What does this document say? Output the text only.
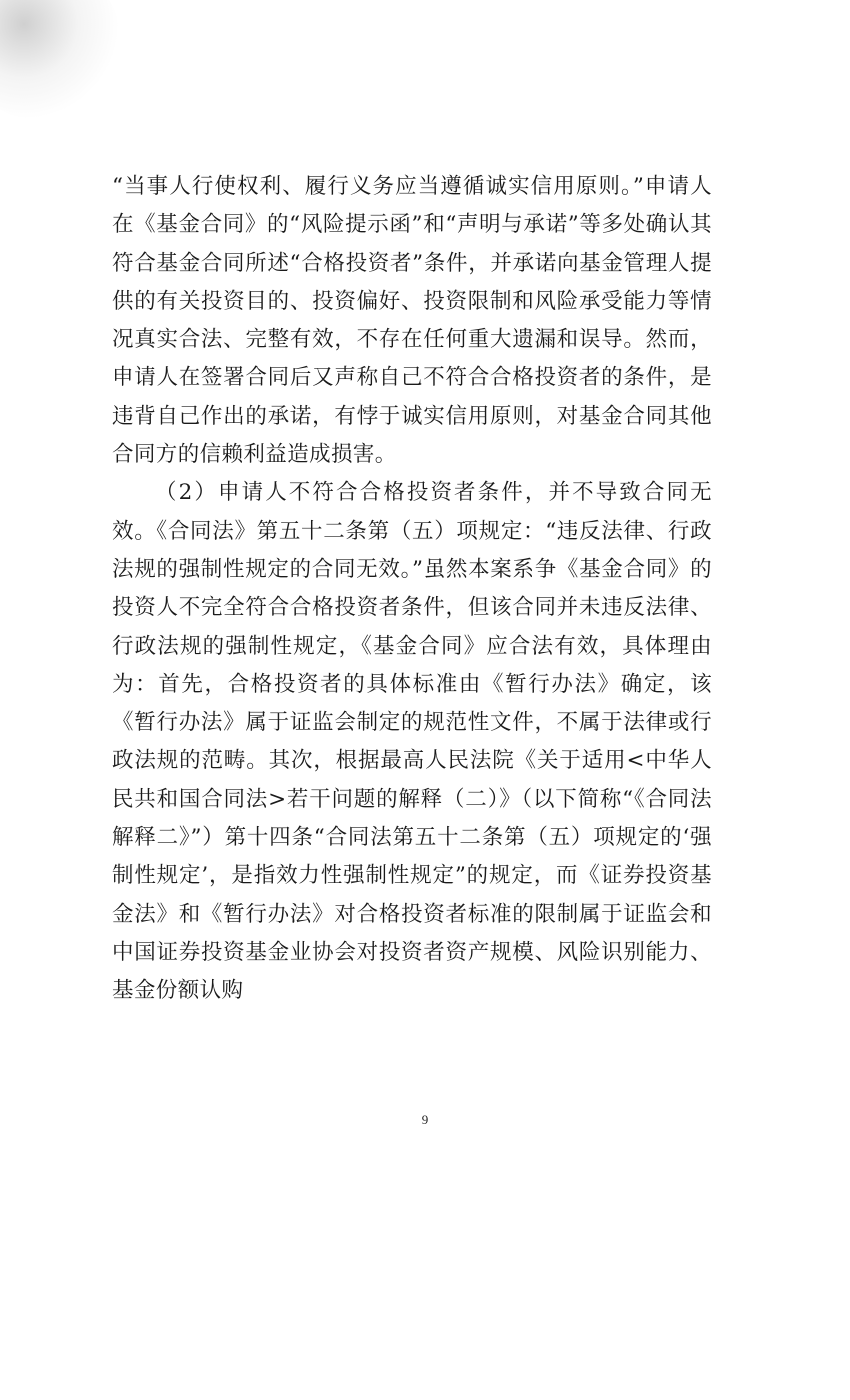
“当事人行使权利、履行义务应当遵循诚实信用原则。”申请人在《基金合同》的“风险提示函”和“声明与承诺”等多处确认其符合基金合同所述“合格投资者”条件，并承诺向基金管理人提供的有关投资目的、投资偏好、投资限制和风险承受能力等情况真实合法、完整有效，不存在任何重大遗漏和误导。然而，申请人在签署合同后又声称自己不符合合格投资者的条件，是违背自己作出的承诺，有悖于诚实信用原则，对基金合同其他合同方的信赖利益造成损害。

（2）申请人不符合合格投资者条件，并不导致合同无效。《合同法》第五十二条第（五）项规定：“违反法律、行政法规的强制性规定的合同无效。”虽然本案系争《基金合同》的投资人不完全符合合格投资者条件，但该合同并未违反法律、行政法规的强制性规定，《基金合同》应合法有效，具体理由为：首先，合格投资者的具体标准由《暂行办法》确定，该《暂行办法》属于证监会制定的规范性文件，不属于法律或行政法规的范畴。其次，根据最高人民法院《关于适用<中华人民共和国合同法>若干问题的解释（二）》（以下简称“《合同法解释二》”）第十四条“合同法第五十二条第（五）项规定的‘强制性规定’，是指效力性强制性规定”的规定，而《证券投资基金法》和《暂行办法》对合格投资者标准的限制属于证监会和中国证券投资基金业协会对投资者资产规模、风险识别能力、基金份额认购

9
